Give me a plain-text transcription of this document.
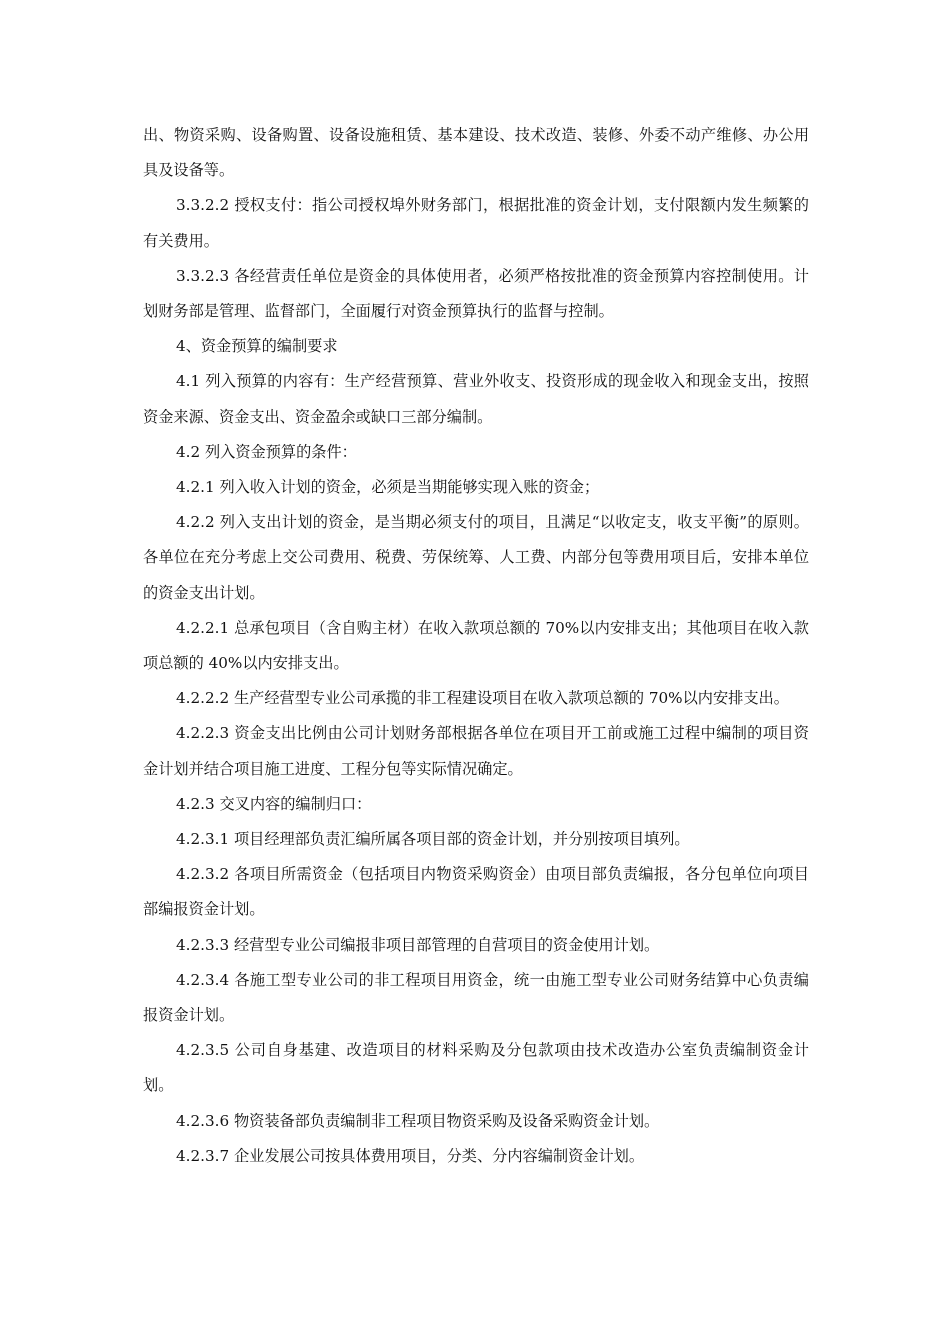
出、物资采购、设备购置、设备设施租赁、基本建设、技术改造、装修、外委不动产维修、办公用具及设备等。

3.3.2.2 授权支付：指公司授权埠外财务部门，根据批准的资金计划，支付限额内发生频繁的有关费用。

3.3.2.3 各经营责任单位是资金的具体使用者，必须严格按批准的资金预算内容控制使用。计划财务部是管理、监督部门，全面履行对资金预算执行的监督与控制。

4、资金预算的编制要求

4.1 列入预算的内容有：生产经营预算、营业外收支、投资形成的现金收入和现金支出，按照资金来源、资金支出、资金盈余或缺口三部分编制。

4.2 列入资金预算的条件：

4.2.1 列入收入计划的资金，必须是当期能够实现入账的资金；

4.2.2 列入支出计划的资金，是当期必须支付的项目，且满足“以收定支，收支平衡”的原则。各单位在充分考虑上交公司费用、税费、劳保统筹、人工费、内部分包等费用项目后，安排本单位的资金支出计划。

4.2.2.1 总承包项目（含自购主材）在收入款项总额的 70%以内安排支出；其他项目在收入款项总额的 40%以内安排支出。

4.2.2.2 生产经营型专业公司承揽的非工程建设项目在收入款项总额的 70%以内安排支出。

4.2.2.3 资金支出比例由公司计划财务部根据各单位在项目开工前或施工过程中编制的项目资金计划并结合项目施工进度、工程分包等实际情况确定。

4.2.3 交叉内容的编制归口：

4.2.3.1 项目经理部负责汇编所属各项目部的资金计划，并分别按项目填列。

4.2.3.2 各项目所需资金（包括项目内物资采购资金）由项目部负责编报，各分包单位向项目部编报资金计划。

4.2.3.3 经营型专业公司编报非项目部管理的自营项目的资金使用计划。

4.2.3.4 各施工型专业公司的非工程项目用资金，统一由施工型专业公司财务结算中心负责编报资金计划。

4.2.3.5 公司自身基建、改造项目的材料采购及分包款项由技术改造办公室负责编制资金计划。

4.2.3.6 物资装备部负责编制非工程项目物资采购及设备采购资金计划。

4.2.3.7 企业发展公司按具体费用项目，分类、分内容编制资金计划。
